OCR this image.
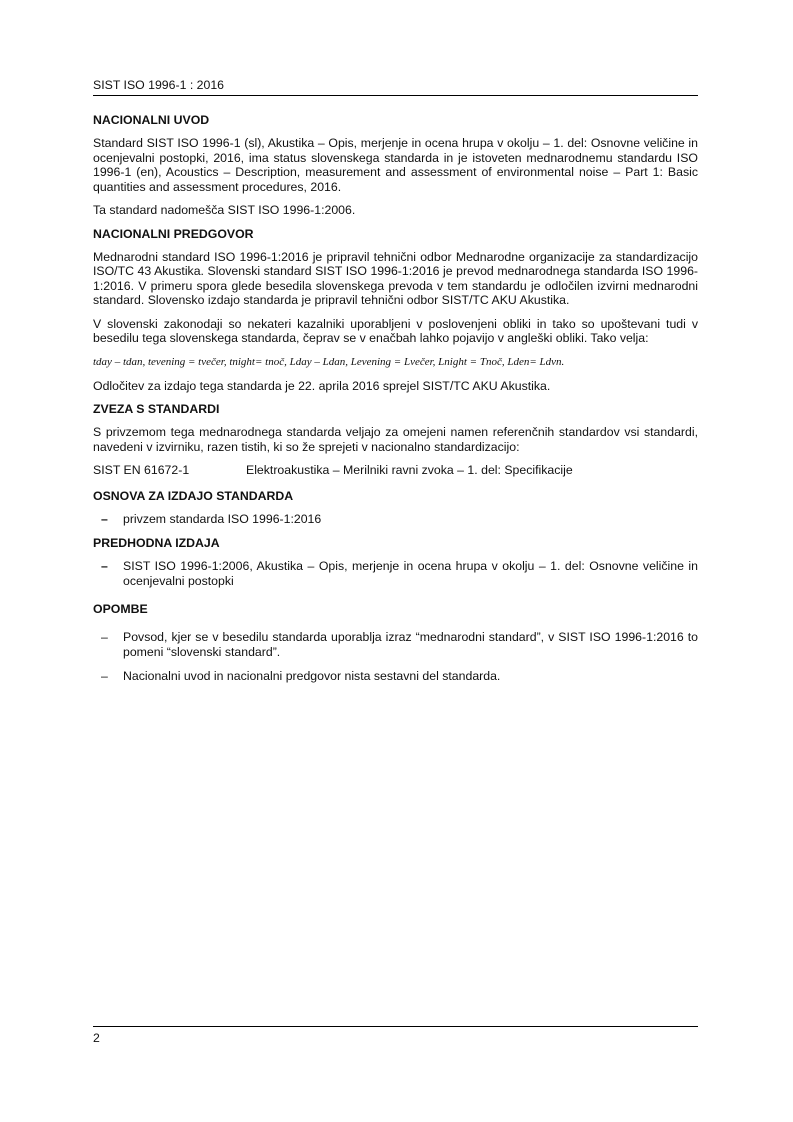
SIST ISO 1996-1 : 2016
NACIONALNI UVOD

Standard SIST ISO 1996-1 (sl), Akustika – Opis, merjenje in ocena hrupa v okolju – 1. del: Osnovne veličine in ocenjevalni postopki, 2016, ima status slovenskega standarda in je istoveten mednarodnemu standardu ISO 1996-1 (en), Acoustics – Description, measurement and assessment of environmental noise – Part 1: Basic quantities and assessment procedures, 2016.

Ta standard nadomešča SIST ISO 1996-1:2006.

NACIONALNI PREDGOVOR

Mednarodni standard ISO 1996-1:2016 je pripravil tehnični odbor Mednarodne organizacije za standardizacijo ISO/TC 43 Akustika. Slovenski standard SIST ISO 1996-1:2016 je prevod mednarodnega standarda ISO 1996-1:2016. V primeru spora glede besedila slovenskega prevoda v tem standardu je odločilen izvirni mednarodni standard. Slovensko izdajo standarda je pripravil tehnični odbor SIST/TC AKU Akustika.

V slovenski zakonodaji so nekateri kazalniki uporabljeni v poslovenjeni obliki in tako so upoštevani tudi v besedilu tega slovenskega standarda, čeprav se v enačbah lahko pojavijo v angleški obliki. Tako velja:

tday – tdan, tevening = tvečer, tnight= tnoč, Lday – Ldan, Levening = Lvečer, Lnight = Tnoč, Lden= Ldvn.

Odločitev za izdajo tega standarda je 22. aprila 2016 sprejel SIST/TC AKU Akustika.

ZVEZA S STANDARDI

S privzemom tega mednarodnega standarda veljajo za omejeni namen referenčnih standardov vsi standardi, navedeni v izvirniku, razen tistih, ki so že sprejeti v nacionalno standardizacijo:

SIST EN 61672-1	Elektroakustika – Merilniki ravni zvoka – 1. del: Specifikacije
OSNOVA ZA IZDAJO STANDARDA
– privzem standarda ISO 1996-1:2016
PREDHODNA IZDAJA
– SIST ISO 1996-1:2006, Akustika – Opis, merjenje in ocena hrupa v okolju – 1. del: Osnovne veličine in ocenjevalni postopki
OPOMBE
– Povsod, kjer se v besedilu standarda uporablja izraz “mednarodni standard”, v SIST ISO 1996-1:2016 to pomeni “slovenski standard”.
– Nacionalni uvod in nacionalni predgovor nista sestavni del standarda.
2
